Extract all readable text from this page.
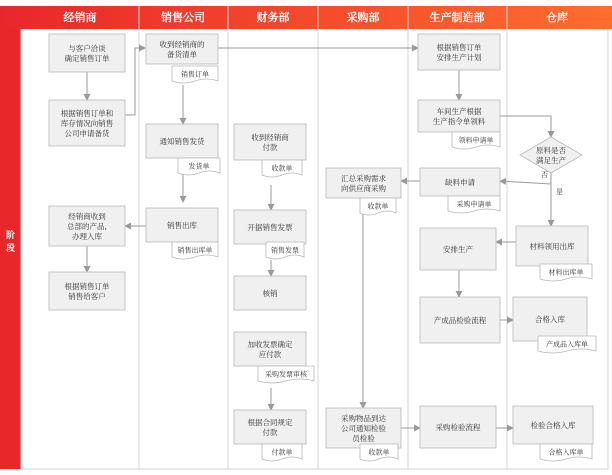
阶
段
经销商	销售公司	财务部	采购部	生产制造部	仓库
否
是
与客户洽谈
确定销售订单
根据销售订单和
库存情况向销售
公司申请备货
经销商收到
总部的产品,
办理入库
根据销售订单
销售给客户
收到经销商的
备货清单
通知销售发货
销售出库
收到经销商
付款
开据销售发票
核销
加收发票确定
应付款
根据合同规定
付款
汇总采购需求
向供应商采购
采购物品到达
公司通知检验
员检验
根据销售订单
安排生产计划
车间生产根据
生产指令单领料
缺料申请
安排生产
产成品检验流程
采购检验流程
原料是否
满足生产
材料领用出库
合格入库
检验合格入库
销售订单
发货单
销售出库单
收款单
销售发票
采购发票审核
付款单
收款单
收款单
领料申请单
采购申请单
材料出库单
产成品入库单
合格入库单
